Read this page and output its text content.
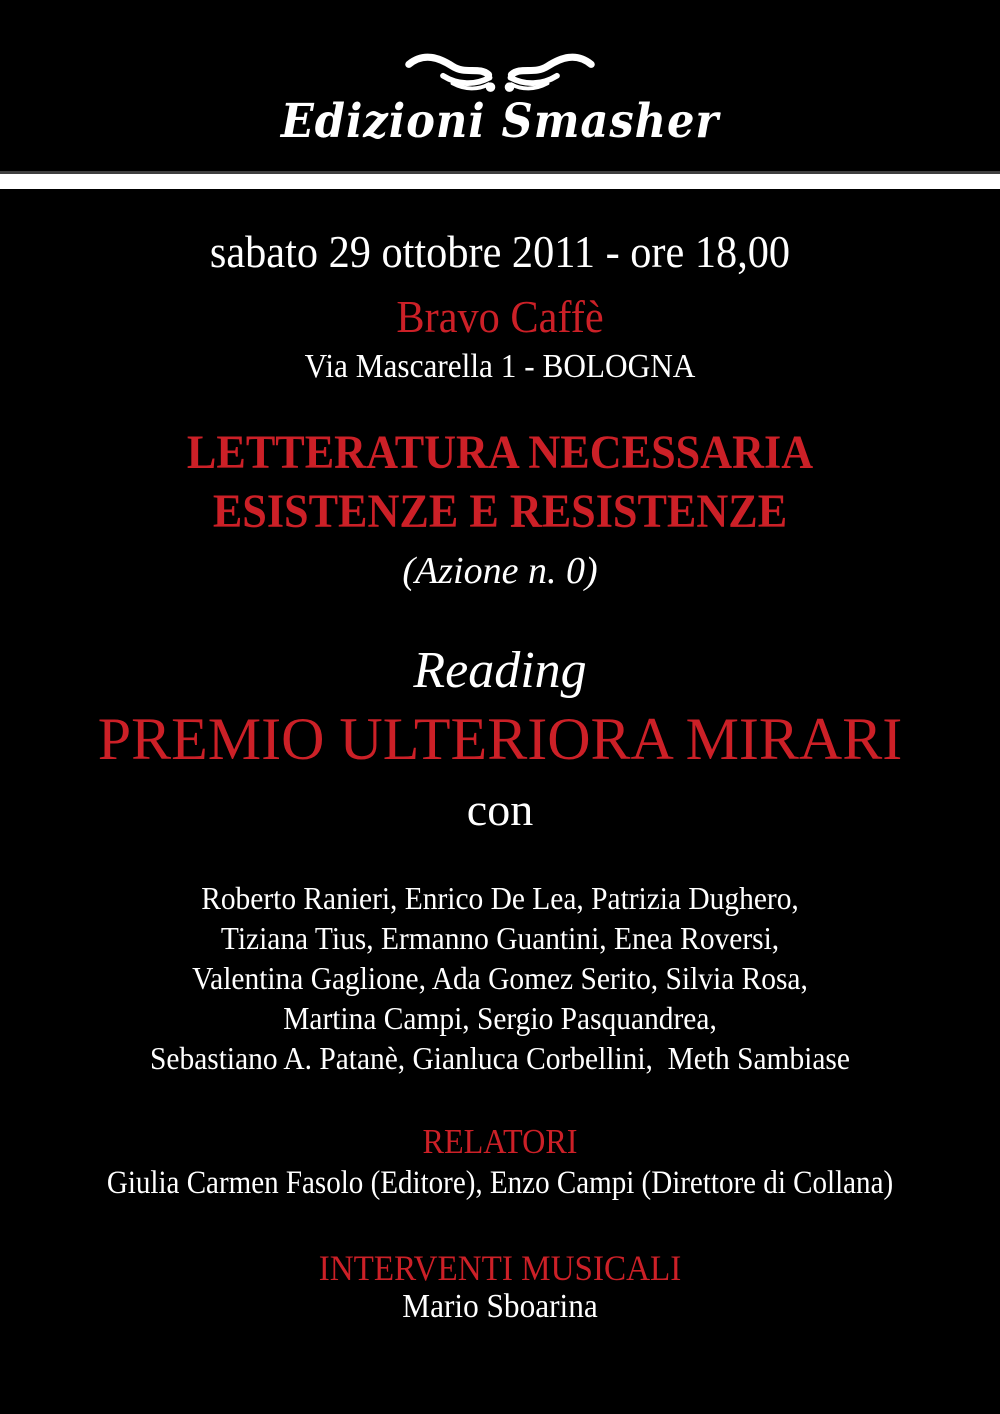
Edizioni Smasher
sabato 29 ottobre 2011 - ore 18,00
Bravo Caffè
Via Mascarella 1 - BOLOGNA
LETTERATURA NECESSARIA
ESISTENZE E RESISTENZE
(Azione n. 0)
Reading
PREMIO ULTERIORA MIRARI
con
Roberto Ranieri, Enrico De Lea, Patrizia Dughero,
Tiziana Tius, Ermanno Guantini, Enea Roversi,
Valentina Gaglione, Ada Gomez Serito, Silvia Rosa,
Martina Campi, Sergio Pasquandrea,
Sebastiano A. Patanè, Gianluca Corbellini,  Meth Sambiase
RELATORI
Giulia Carmen Fasolo (Editore), Enzo Campi (Direttore di Collana)
INTERVENTI MUSICALI
Mario Sboarina
